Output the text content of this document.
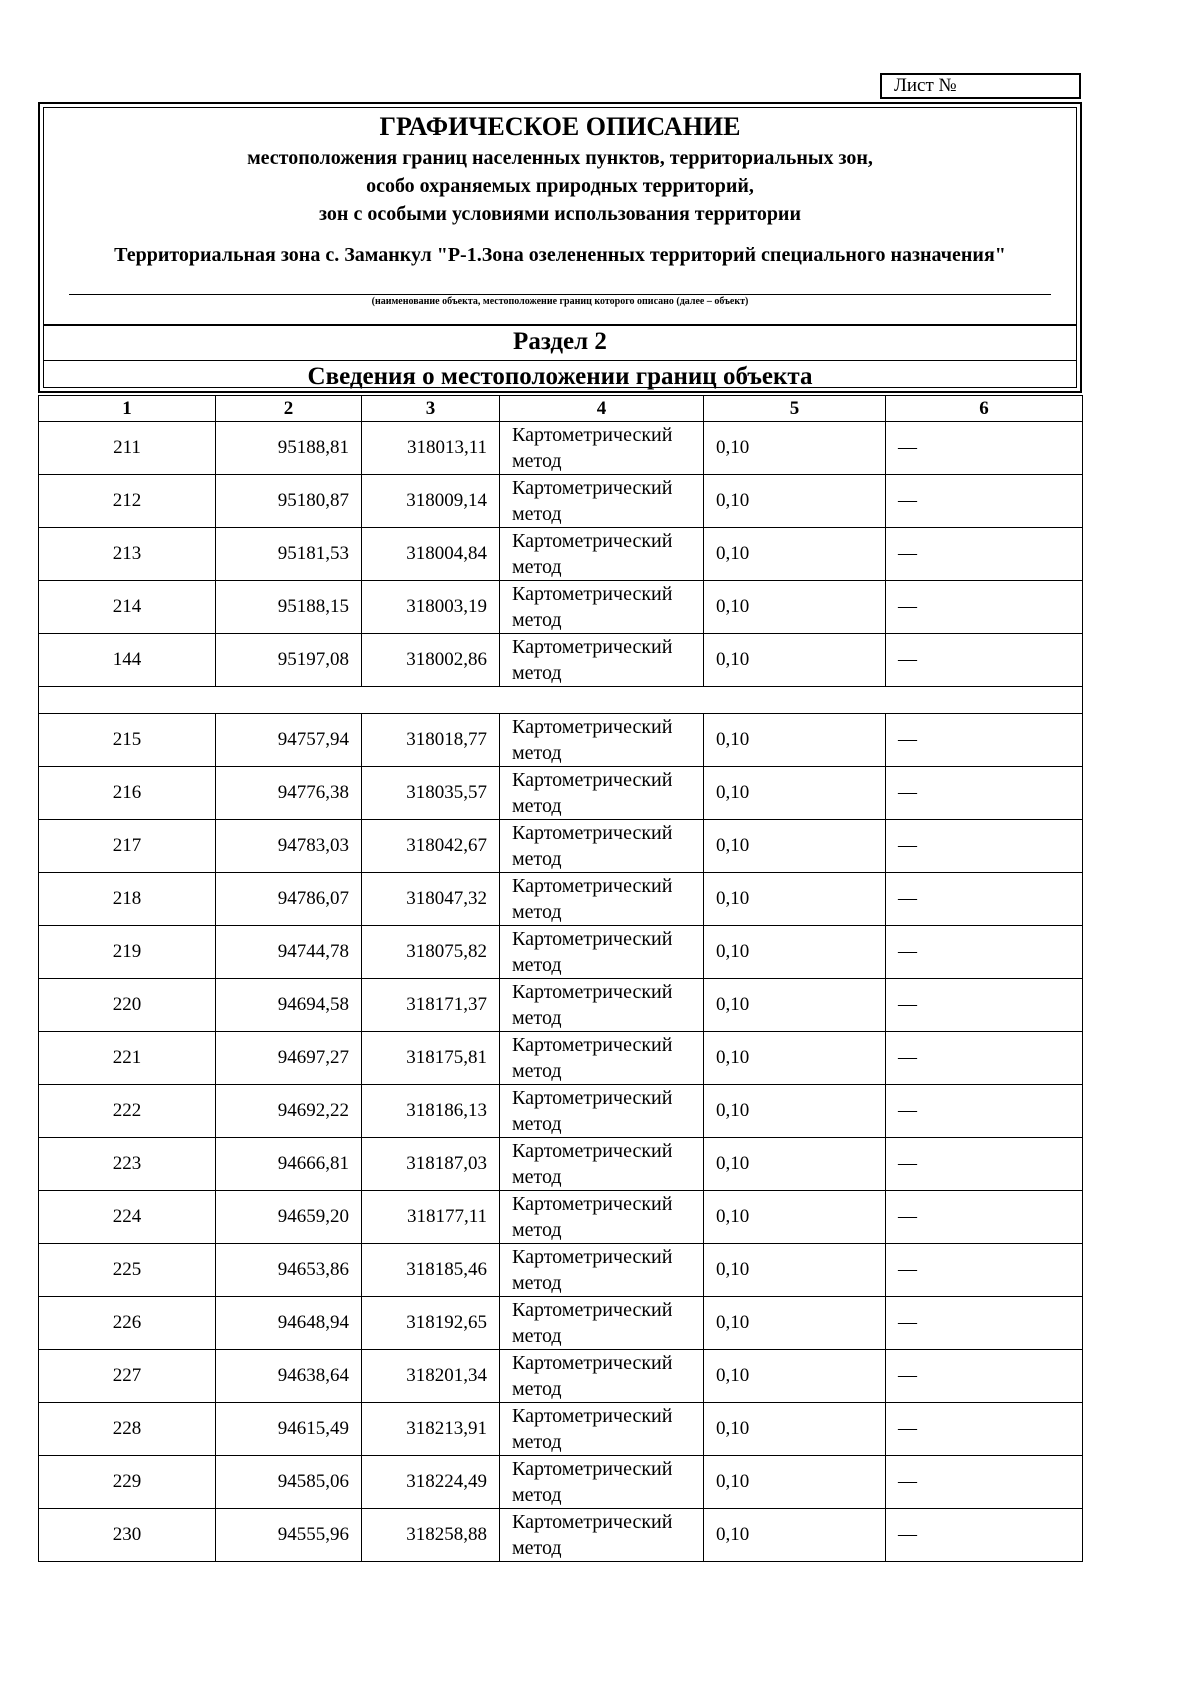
Лист №
ГРАФИЧЕСКОЕ ОПИСАНИЕ
местоположения границ населенных пунктов, территориальных зон,
особо охраняемых природных территорий,
зон с особыми условиями использования территории
Территориальная зона с. Заманкул "Р-1.Зона озелененных территорий специального назначения"
(наименование объекта, местоположение границ которого описано (далее – объект)
Раздел 2
Сведения о местоположении границ объекта
1	2	3	4	5	6
211	95188,81	318013,11	Картометрический метод	0,10	—
212	95180,87	318009,14	Картометрический метод	0,10	—
213	95181,53	318004,84	Картометрический метод	0,10	—
214	95188,15	318003,19	Картометрический метод	0,10	—
144	95197,08	318002,86	Картометрический метод	0,10	—

215	94757,94	318018,77	Картометрический метод	0,10	—
216	94776,38	318035,57	Картометрический метод	0,10	—
217	94783,03	318042,67	Картометрический метод	0,10	—
218	94786,07	318047,32	Картометрический метод	0,10	—
219	94744,78	318075,82	Картометрический метод	0,10	—
220	94694,58	318171,37	Картометрический метод	0,10	—
221	94697,27	318175,81	Картометрический метод	0,10	—
222	94692,22	318186,13	Картометрический метод	0,10	—
223	94666,81	318187,03	Картометрический метод	0,10	—
224	94659,20	318177,11	Картометрический метод	0,10	—
225	94653,86	318185,46	Картометрический метод	0,10	—
226	94648,94	318192,65	Картометрический метод	0,10	—
227	94638,64	318201,34	Картометрический метод	0,10	—
228	94615,49	318213,91	Картометрический метод	0,10	—
229	94585,06	318224,49	Картометрический метод	0,10	—
230	94555,96	318258,88	Картометрический метод	0,10	—
